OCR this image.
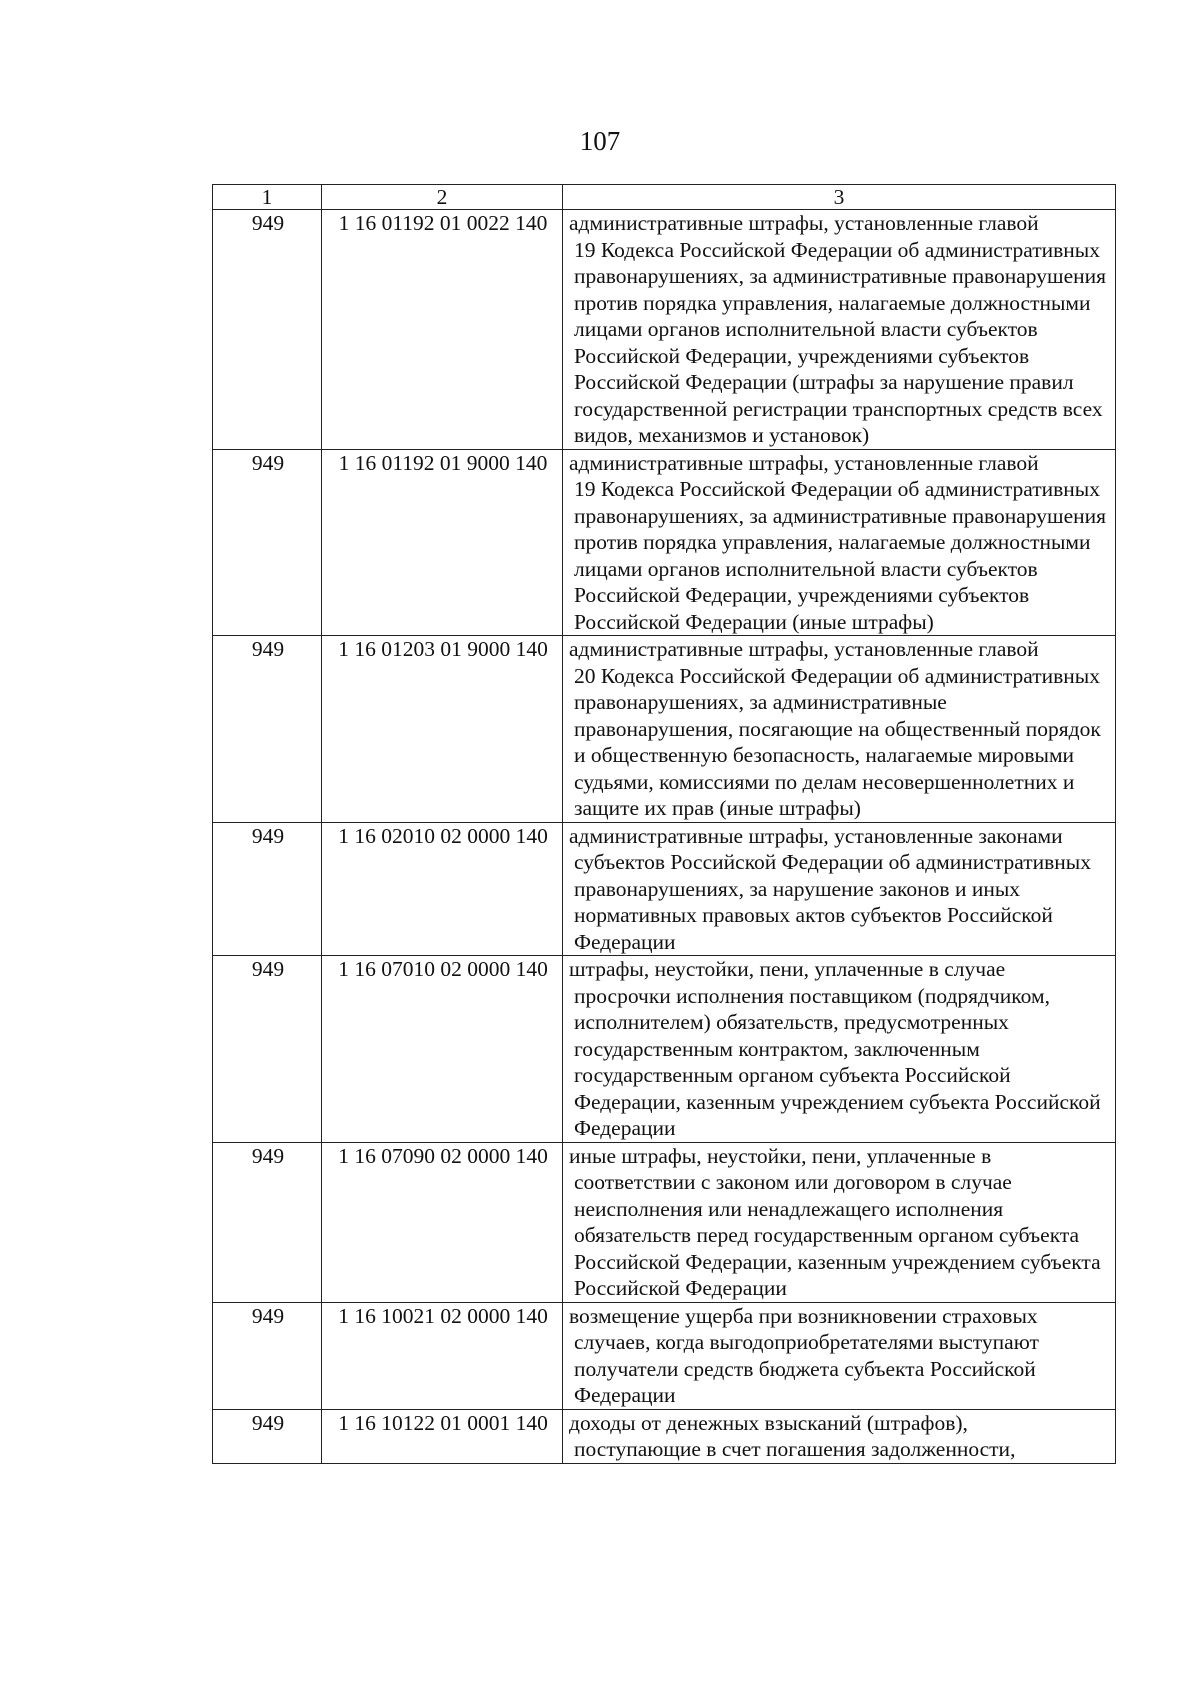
107
1	2	3
949	1 16 01192 01 0022 140	административные штрафы, установленные главой
19 Кодекса Российской Федерации об административных правонарушениях, за административные правонарушения против порядка управления, налагаемые должностными лицами органов исполнительной власти субъектов Российской Федерации, учреждениями субъектов Российской Федерации (штрафы за нарушение правил государственной регистрации транспортных средств всех видов, механизмов и установок)

949	1 16 01192 01 9000 140	административные штрафы, установленные главой
19 Кодекса Российской Федерации об административных правонарушениях, за административные правонарушения против порядка управления, налагаемые должностными лицами органов исполнительной власти субъектов Российской Федерации, учреждениями субъектов Российской Федерации (иные штрафы)

949	1 16 01203 01 9000 140	административные штрафы, установленные главой
20 Кодекса Российской Федерации об административных правонарушениях, за административные правонарушения, посягающие на общественный порядок и общественную безопасность, налагаемые мировыми судьями, комиссиями по делам несовершеннолетних и защите их прав (иные штрафы)

949	1 16 02010 02 0000 140	административные штрафы, установленные законами
субъектов Российской Федерации об административных правонарушениях, за нарушение законов и иных нормативных правовых актов субъектов Российской Федерации

949	1 16 07010 02 0000 140	штрафы, неустойки, пени, уплаченные в случае
просрочки исполнения поставщиком (подрядчиком, исполнителем) обязательств, предусмотренных государственным контрактом, заключенным государственным органом субъекта Российской Федерации, казенным учреждением субъекта Российской Федерации

949	1 16 07090 02 0000 140	иные штрафы, неустойки, пени, уплаченные в
соответствии с законом или договором в случае неисполнения или ненадлежащего исполнения обязательств перед государственным органом субъекта Российской Федерации, казенным учреждением субъекта Российской Федерации

949	1 16 10021 02 0000 140	возмещение ущерба при возникновении страховых
случаев, когда выгодоприобретателями выступают получатели средств бюджета субъекта Российской Федерации

949	1 16 10122 01 0001 140	доходы от денежных взысканий (штрафов),
поступающие в счет погашения задолженности,
